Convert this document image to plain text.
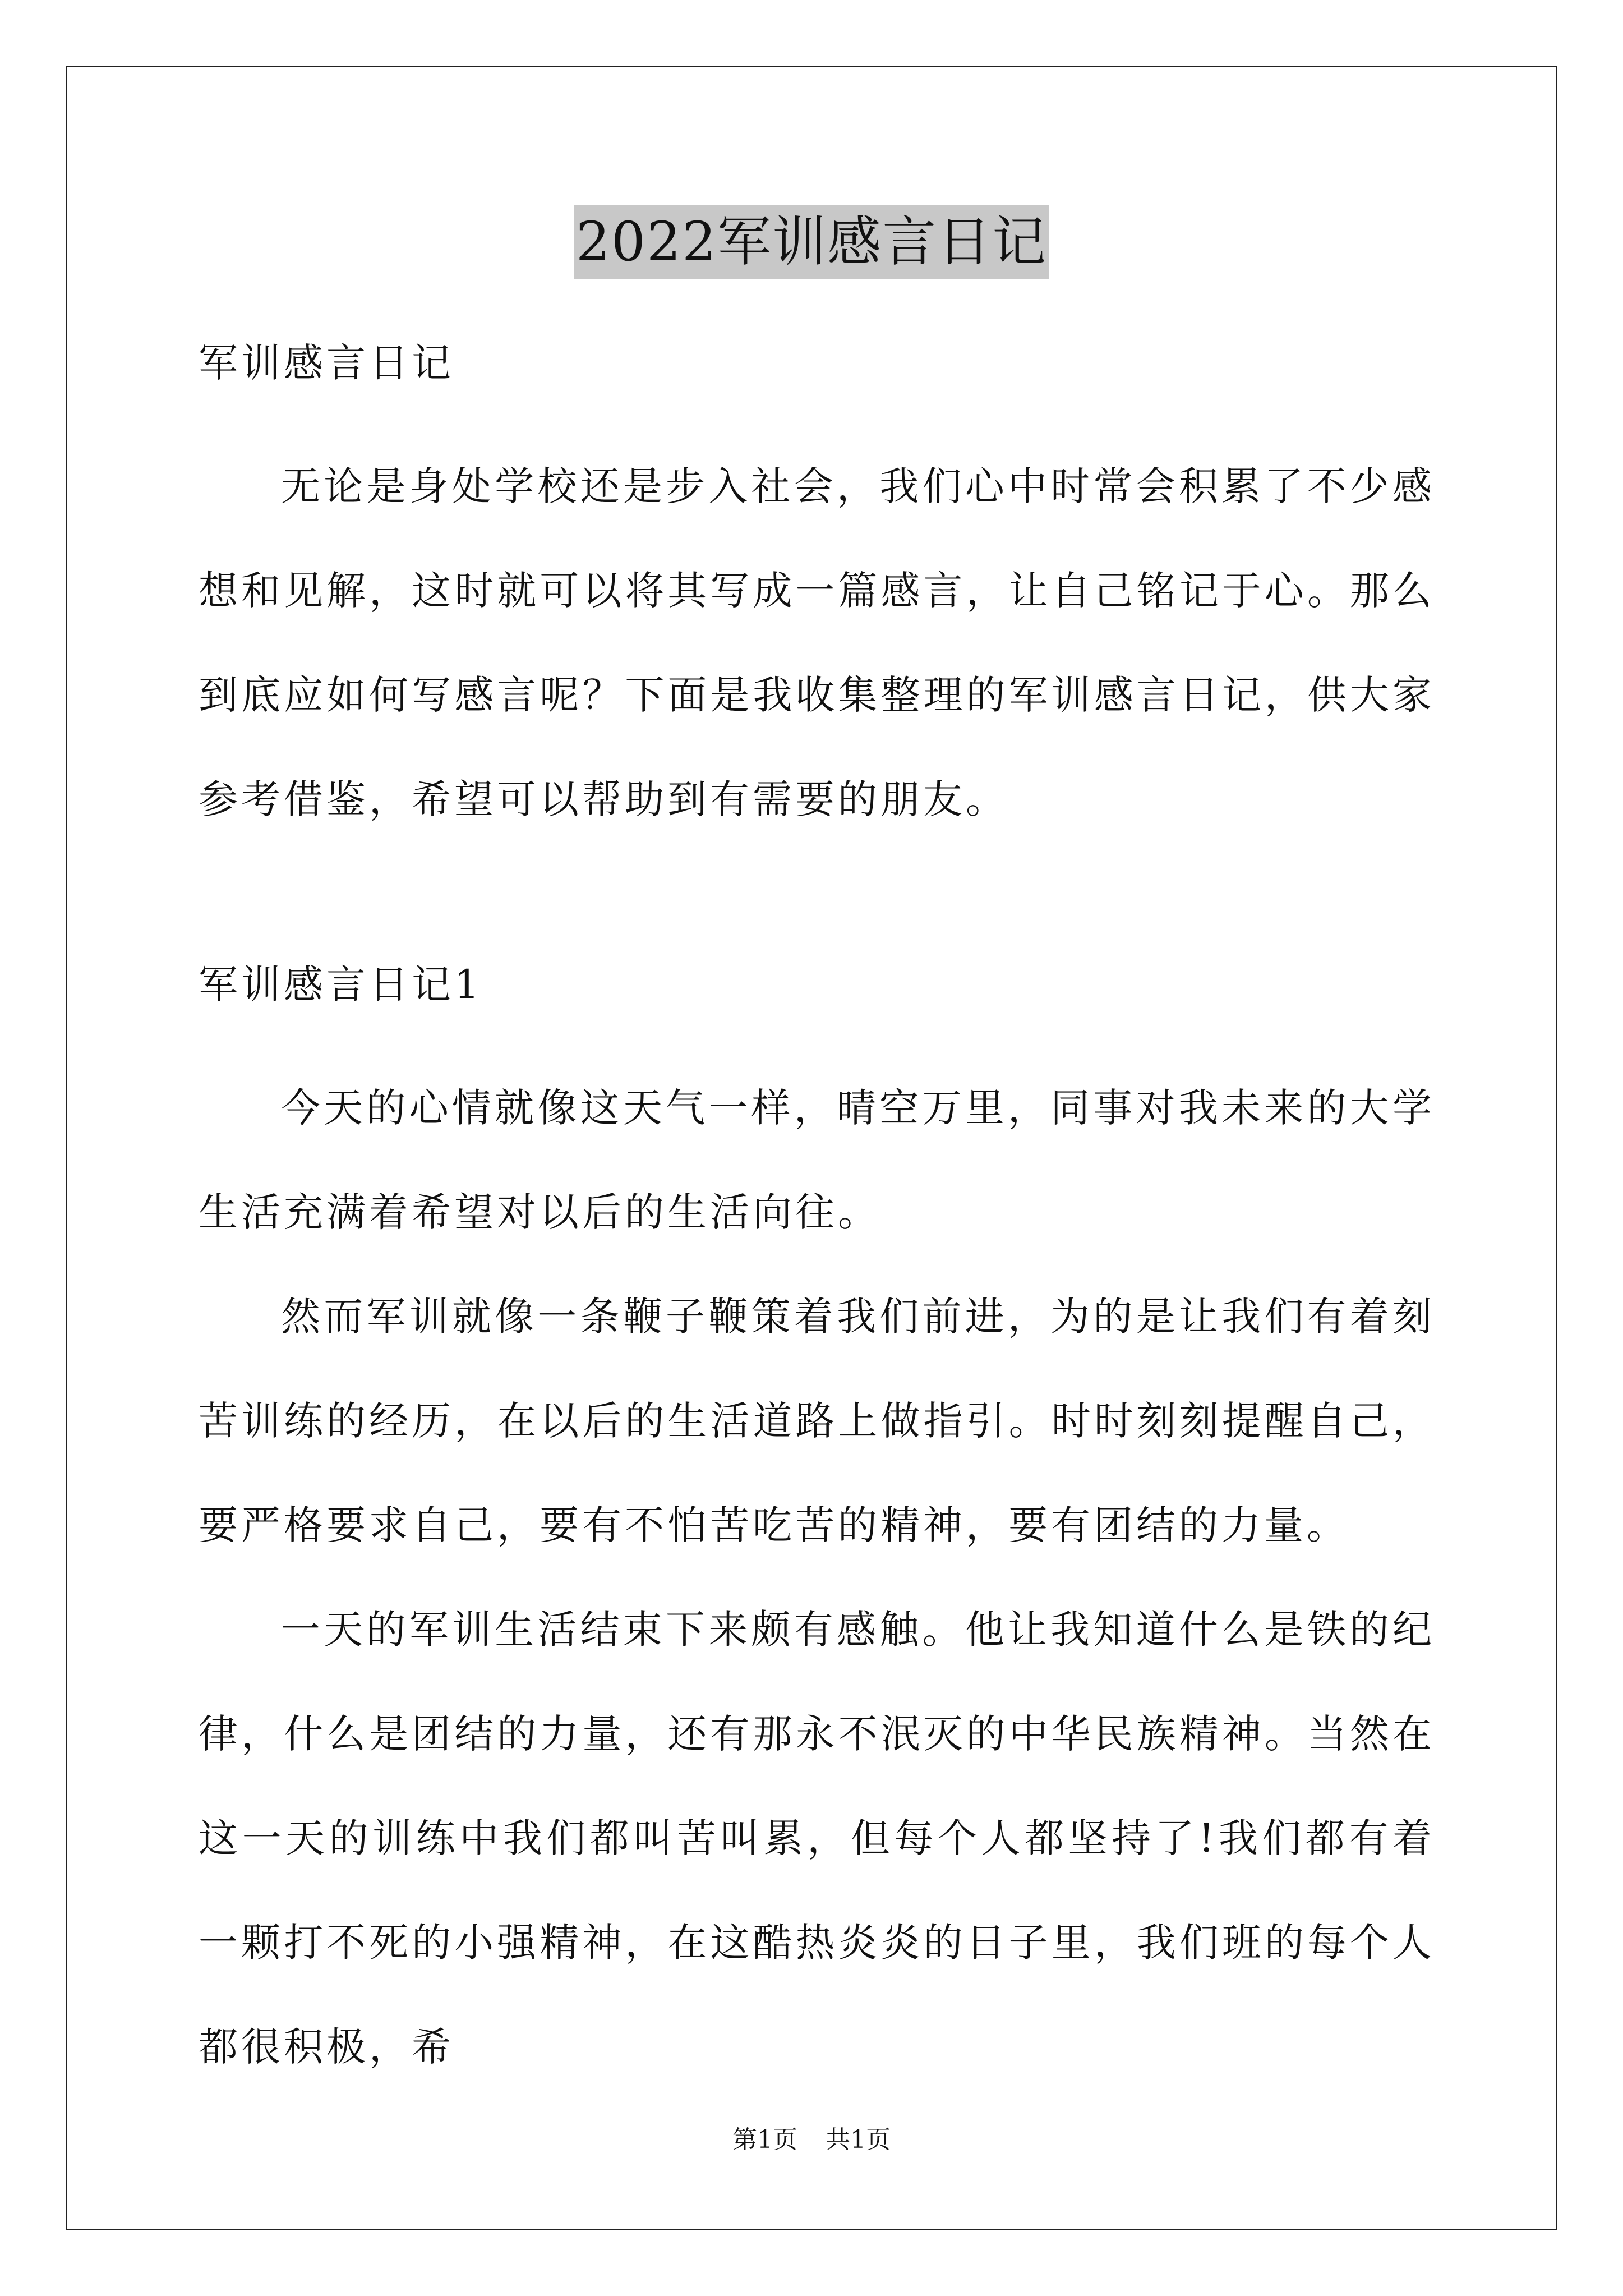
2022军训感言日记

军训感言日记

无论是身处学校还是步入社会，我们心中时常会积累了不少感想和见解，这时就可以将其写成一篇感言，让自己铭记于心。那么到底应如何写感言呢？下面是我收集整理的军训感言日记，供大家参考借鉴，希望可以帮助到有需要的朋友。

军训感言日记1

今天的心情就像这天气一样，晴空万里，同事对我未来的大学生活充满着希望对以后的生活向往。

然而军训就像一条鞭子鞭策着我们前进，为的是让我们有着刻苦训练的经历，在以后的生活道路上做指引。时时刻刻提醒自己，要严格要求自己，要有不怕苦吃苦的精神，要有团结的力量。

一天的军训生活结束下来颇有感触。他让我知道什么是铁的纪律，什么是团结的力量，还有那永不泯灭的中华民族精神。当然在这一天的训练中我们都叫苦叫累，但每个人都坚持了!我们都有着一颗打不死的小强精神，在这酷热炎炎的日子里，我们班的每个人都很积极，希

第1页 共1页
